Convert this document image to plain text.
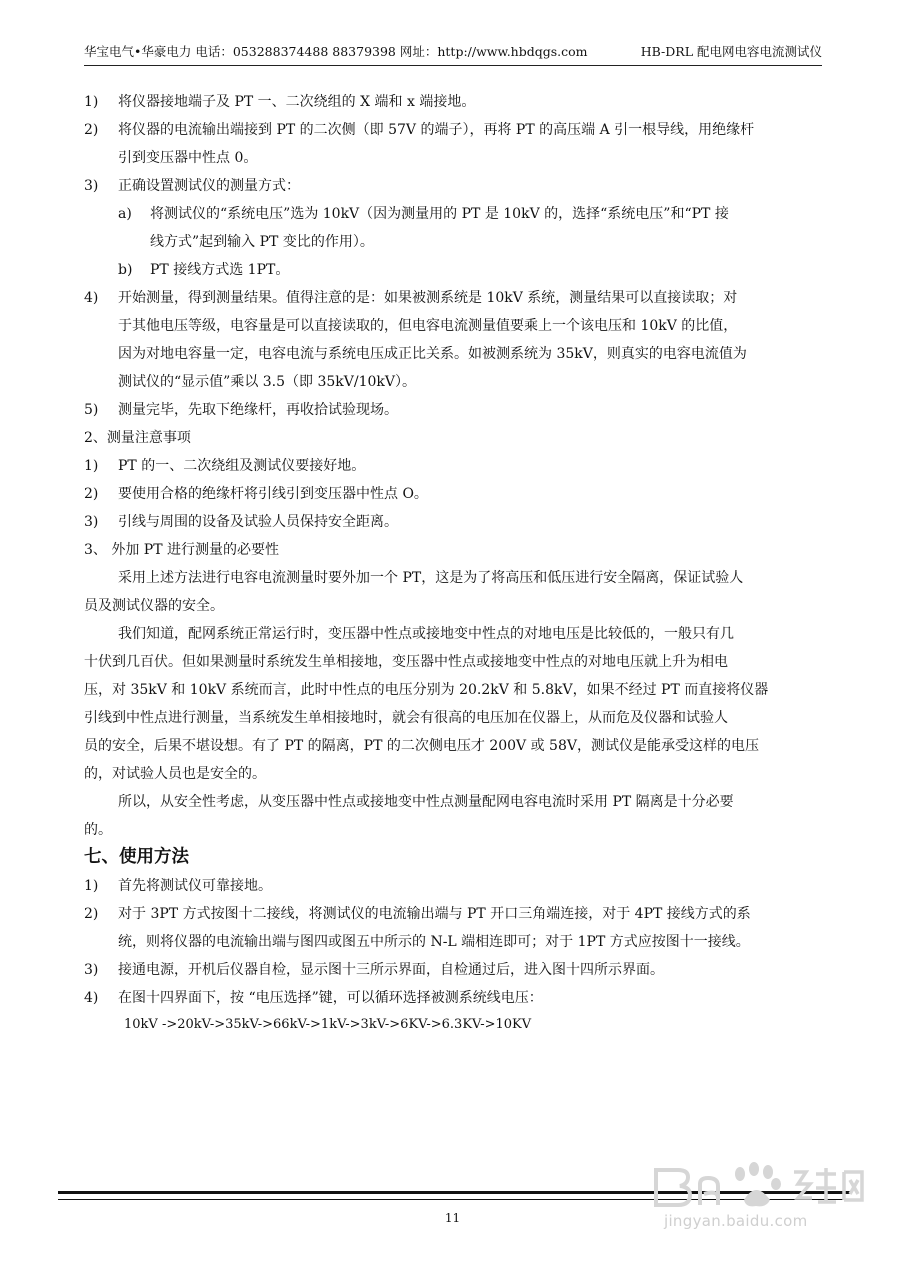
华宝电气•华豪电力 电话：053288374488 88379398 网址：http://www.hbdqgs.com	HB-DRL 配电网电容电流测试仪
1) 将仪器接地端子及 PT 一、二次绕组的 X 端和 x 端接地。
2) 将仪器的电流输出端接到 PT 的二次侧（即 57V 的端子），再将 PT 的高压端 A 引一根导线，用绝缘杆
引到变压器中性点 0。
3) 正确设置测试仪的测量方式：
a) 将测试仪的“系统电压”选为 10kV（因为测量用的 PT 是 10kV 的，选择“系统电压”和“PT 接
线方式”起到输入 PT 变比的作用）。
b) PT 接线方式选 1PT。
4) 开始测量，得到测量结果。值得注意的是：如果被测系统是 10kV 系统，测量结果可以直接读取；对
于其他电压等级，电容量是可以直接读取的，但电容电流测量值要乘上一个该电压和 10kV 的比值，
因为对地电容量一定，电容电流与系统电压成正比关系。如被测系统为 35kV，则真实的电容电流值为
测试仪的“显示值”乘以 3.5（即 35kV/10kV）。
5) 测量完毕，先取下绝缘杆，再收拾试验现场。
2、测量注意事项
1) PT 的一、二次绕组及测试仪要接好地。
2) 要使用合格的绝缘杆将引线引到变压器中性点 O。
3) 引线与周围的设备及试验人员保持安全距离。
3、 外加 PT 进行测量的必要性
采用上述方法进行电容电流测量时要外加一个 PT，这是为了将高压和低压进行安全隔离，保证试验人
员及测试仪器的安全。
我们知道，配网系统正常运行时，变压器中性点或接地变中性点的对地电压是比较低的，一般只有几
十伏到几百伏。但如果测量时系统发生单相接地，变压器中性点或接地变中性点的对地电压就上升为相电
压，对 35kV 和 10kV 系统而言，此时中性点的电压分别为 20.2kV 和 5.8kV，如果不经过 PT 而直接将仪器
引线到中性点进行测量，当系统发生单相接地时，就会有很高的电压加在仪器上，从而危及仪器和试验人
员的安全，后果不堪设想。有了 PT 的隔离，PT 的二次侧电压才 200V 或 58V，测试仪是能承受这样的电压
的，对试验人员也是安全的。
所以，从安全性考虑，从变压器中性点或接地变中性点测量配网电容电流时采用 PT 隔离是十分必要
的。
七、使用方法
1) 首先将测试仪可靠接地。
2) 对于 3PT 方式按图十二接线，将测试仪的电流输出端与 PT 开口三角端连接，对于 4PT 接线方式的系
统，则将仪器的电流输出端与图四或图五中所示的 N-L 端相连即可；对于 1PT 方式应按图十一接线。
3) 接通电源，开机后仪器自检，显示图十三所示界面，自检通过后，进入图十四所示界面。
4) 在图十四界面下，按 “电压选择”键，可以循环选择被测系统线电压：
10kV ->20kV->35kV->66kV->1kV->3kV->6KV->6.3KV->10KV
11	jingyan.baidu.com
